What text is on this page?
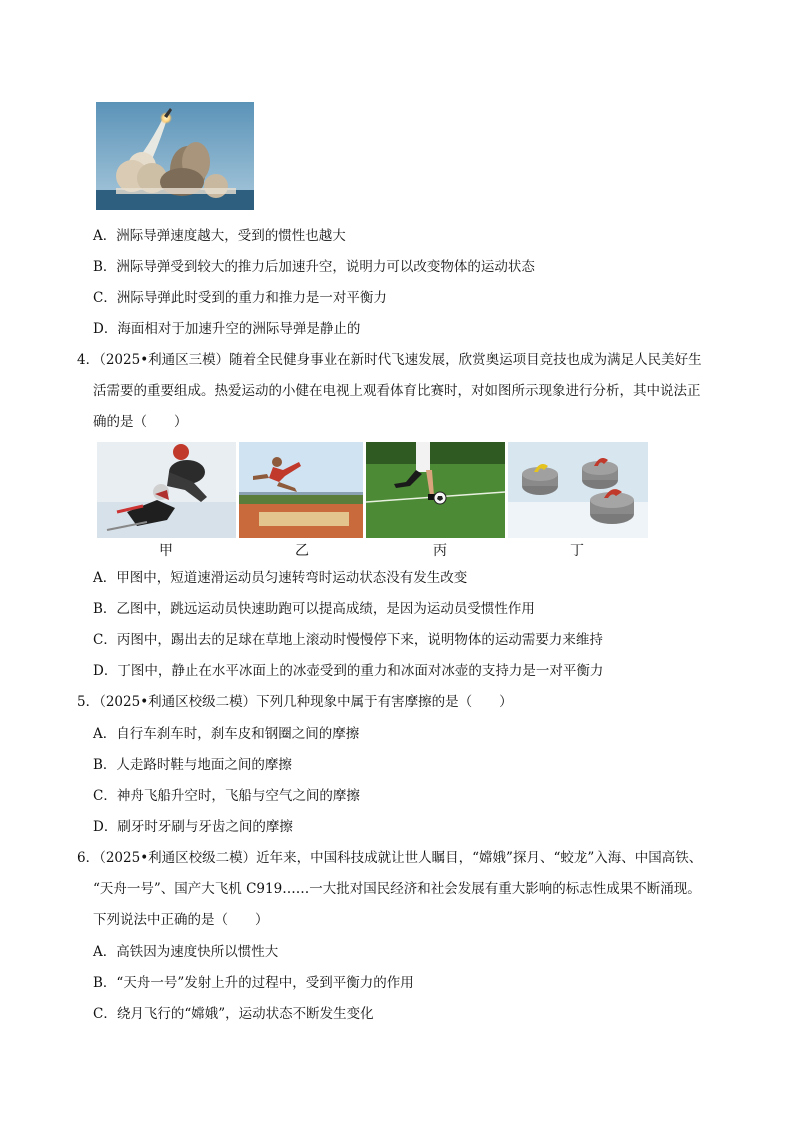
A．洲际导弹速度越大，受到的惯性也越大
B．洲际导弹受到较大的推力后加速升空，说明力可以改变物体的运动状态
C．洲际导弹此时受到的重力和推力是一对平衡力
D．海面相对于加速升空的洲际导弹是静止的
4．（2025•利通区三模）随着全民健身事业在新时代飞速发展，欣赏奥运项目竞技也成为满足人民美好生
活需要的重要组成。热爱运动的小健在电视上观看体育比赛时，对如图所示现象进行分析，其中说法正
确的是（　　）
甲	乙	丙	丁
A．甲图中，短道速滑运动员匀速转弯时运动状态没有发生改变
B．乙图中，跳远运动员快速助跑可以提高成绩，是因为运动员受惯性作用
C．丙图中，踢出去的足球在草地上滚动时慢慢停下来，说明物体的运动需要力来维持
D．丁图中，静止在水平冰面上的冰壶受到的重力和冰面对冰壶的支持力是一对平衡力
5．（2025•利通区校级二模）下列几种现象中属于有害摩擦的是（　　）
A．自行车刹车时，刹车皮和钢圈之间的摩擦
B．人走路时鞋与地面之间的摩擦
C．神舟飞船升空时，飞船与空气之间的摩擦
D．刷牙时牙刷与牙齿之间的摩擦
6．（2025•利通区校级二模）近年来，中国科技成就让世人瞩目，“嫦娥”探月、“蛟龙”入海、中国高铁、
“天舟一号”、国产大飞机 C919……一大批对国民经济和社会发展有重大影响的标志性成果不断涌现。
下列说法中正确的是（　　）
A．高铁因为速度快所以惯性大
B．“天舟一号”发射上升的过程中，受到平衡力的作用
C．绕月飞行的“嫦娥”，运动状态不断发生变化
